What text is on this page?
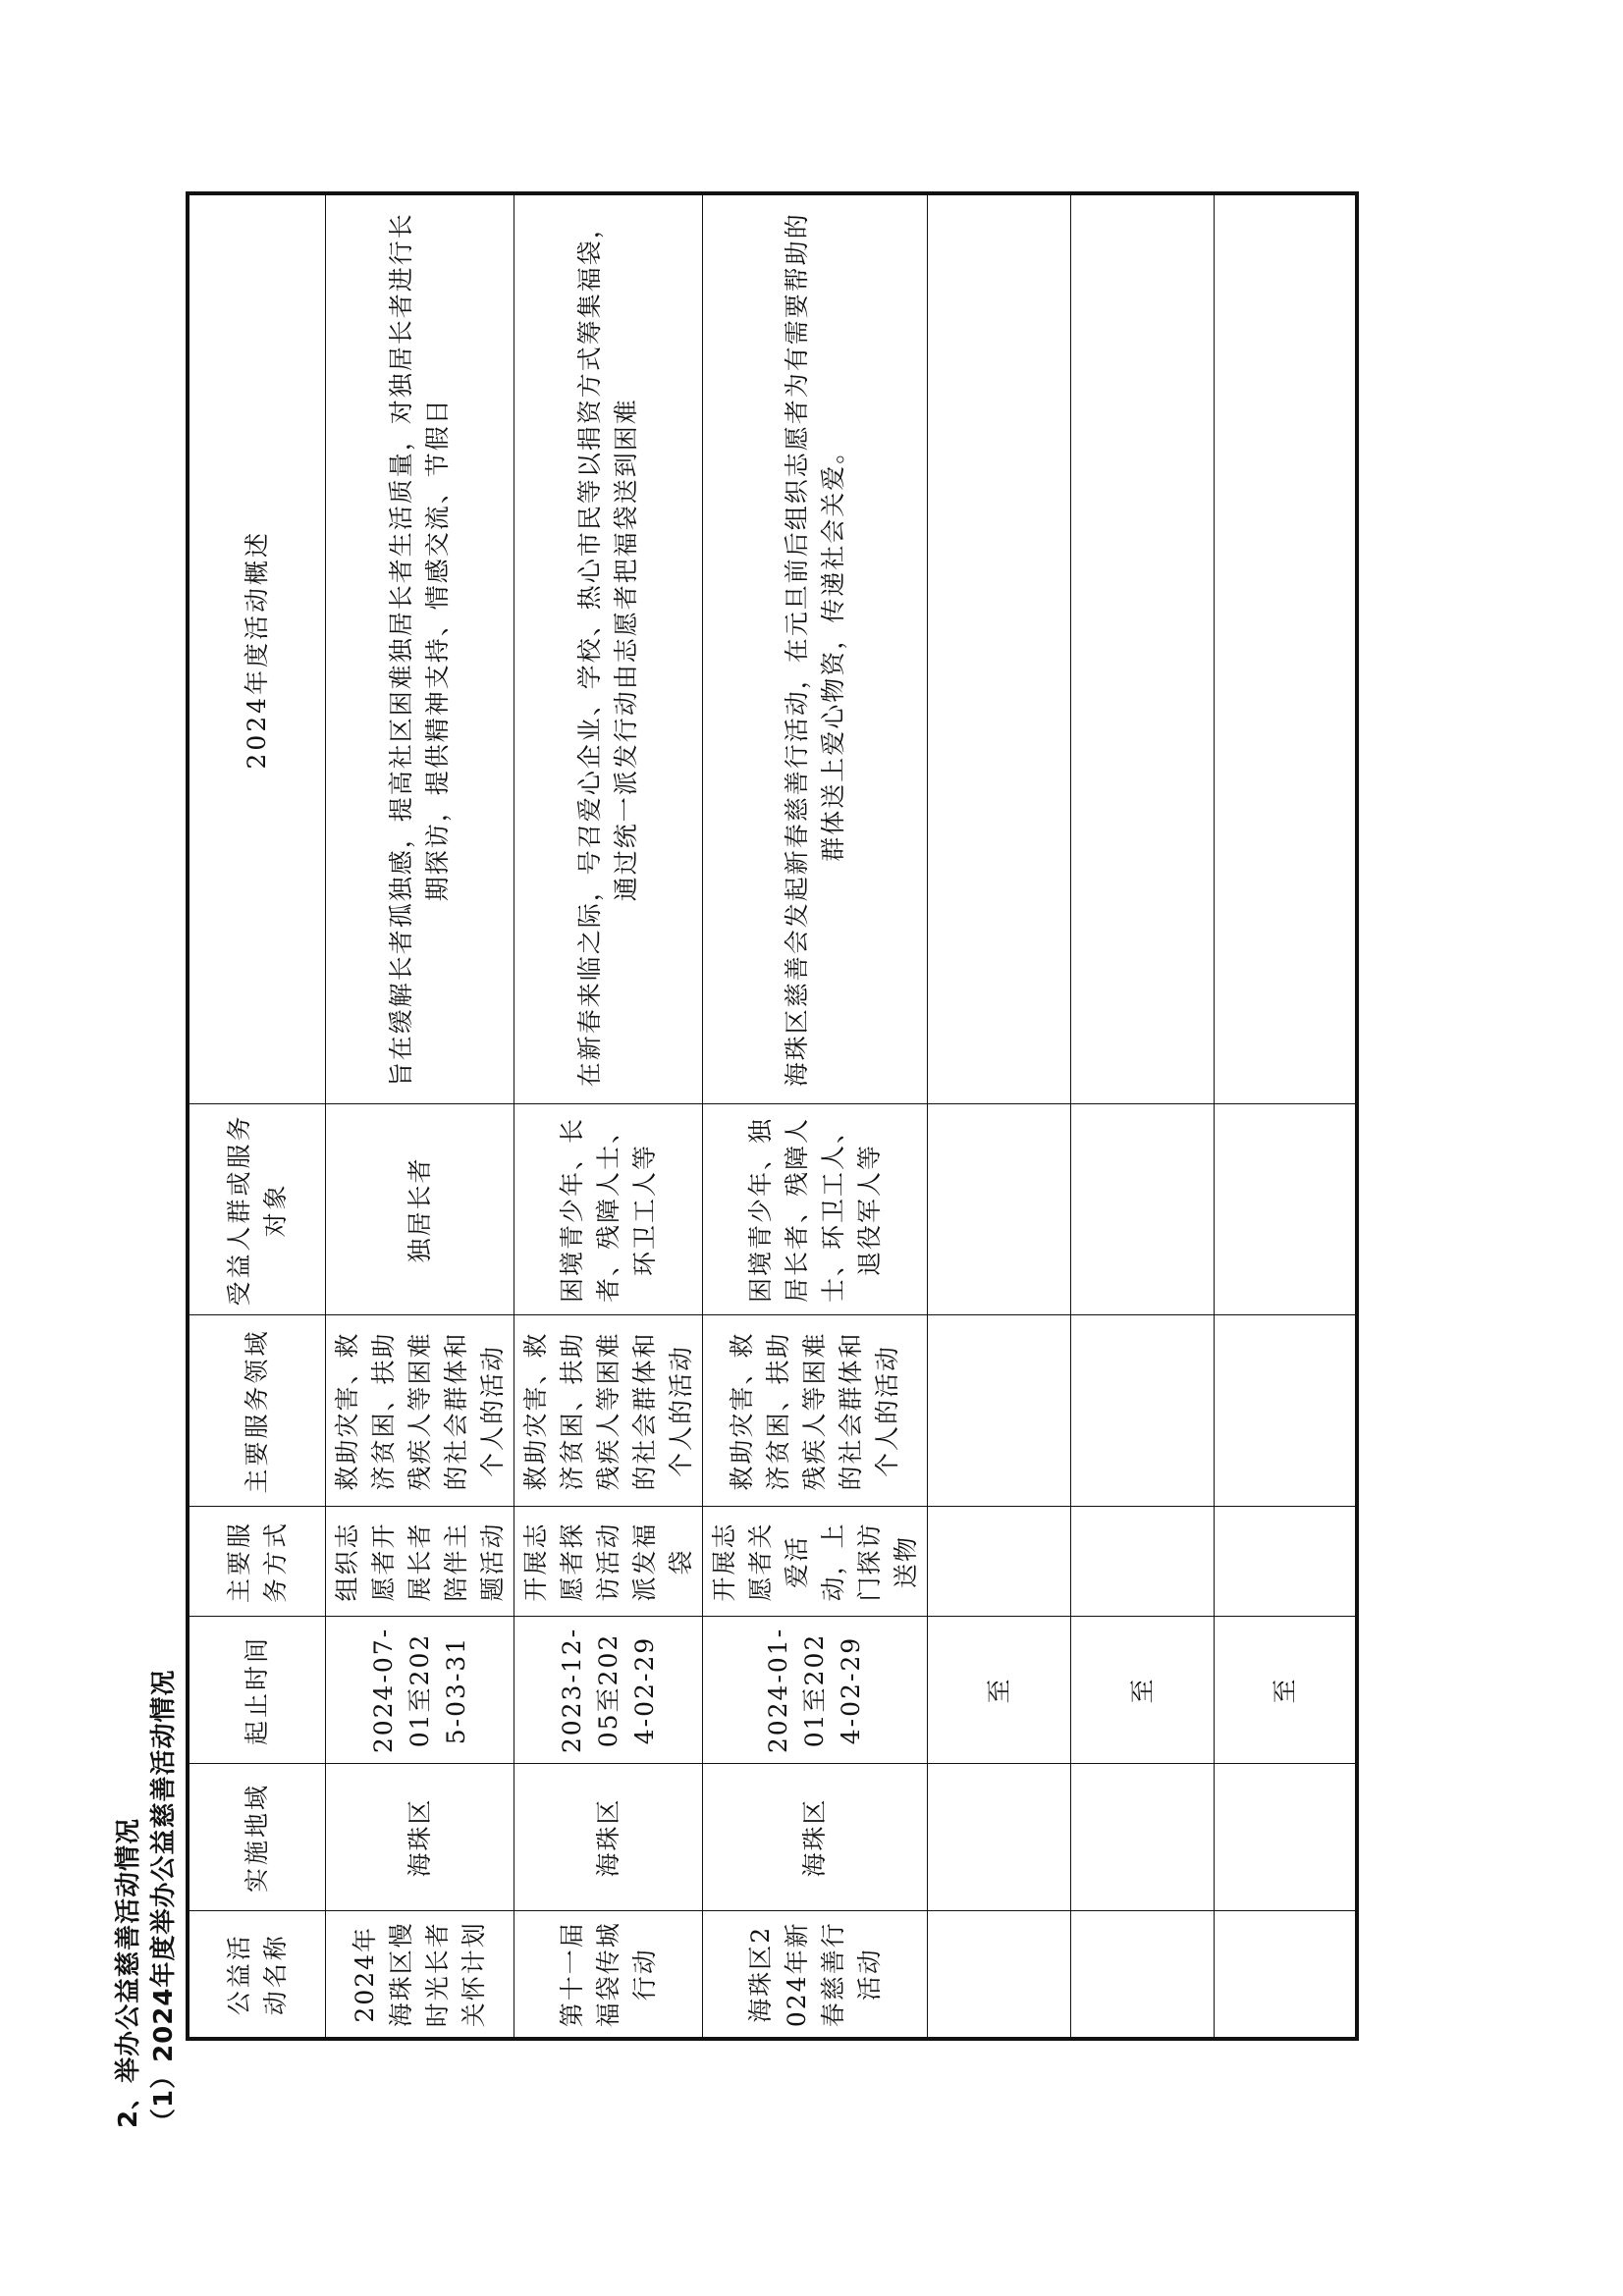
2、举办公益慈善活动情况 （1）2024年度举办公益慈善活动情况 公益活动名称	实施地域	起止时间	主要服务方式	主要服务领域	受益人群或服务对象	2024年度活动概述
2024年海珠区慢时光长者关怀计划	海珠区	2024-07-01至2025-03-31	组织志愿者开展长者陪伴主题活动	救助灾害、救济贫困、扶助残疾人等困难的社会群体和个人的活动	独居长者	旨在缓解长者孤独感，提高社区困难独居长者生活质量，对独居长者进行长期探访，提供精神支持、情感交流、节假日
第十一届福袋传城行动	海珠区	2023-12-05至2024-02-29	开展志愿者探访活动派发福袋	救助灾害、救济贫困、扶助残疾人等困难的社会群体和个人的活动	困境青少年、长者、残障人士、环卫工人等	在新春来临之际，号召爱心企业、学校、热心市民等以捐资方式筹集福袋，通过统一派发行动由志愿者把福袋送到困难
海珠区2024年新春慈善行活动	海珠区	2024-01-01至2024-02-29	开展志愿者关爱活动，上门探访送物	救助灾害、救济贫困、扶助残疾人等困难的社会群体和个人的活动	困境青少年、独居长者、残障人士、环卫工人、退役军人等	海珠区慈善会发起新春慈善行活动，在元旦前后组织志愿者为有需要帮助的群体送上爱心物资，传递社会关爱。
		至				
		至				
		至				
